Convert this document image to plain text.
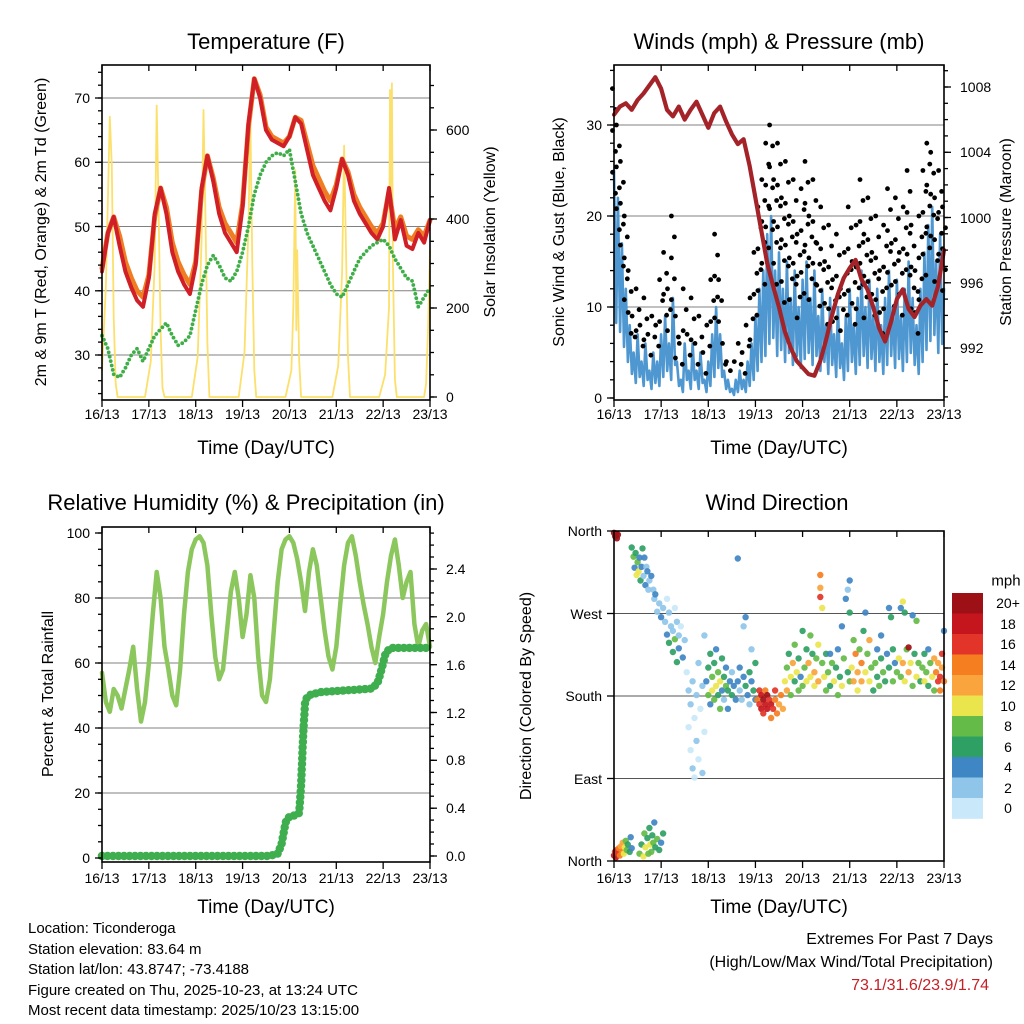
16/13 17/13 18/13 19/13 20/13 21/13 22/13 23/13
30
40
50
60
70
0
200
400
600
16/13 17/13 18/13 19/13 20/13 21/13 22/13 23/13
0
10
20
30
992
996
1000
1004
1008
16/13 17/13 18/13 19/13 20/13 21/13 22/13 23/13
0
20
40
60
80
100
0.0
0.4
0.8
1.2
1.6
2.0
2.4
16/13 17/13 18/13 19/13 20/13 21/13 22/13 23/13
North
West
South
East
North
20+
18
16
14
12
10
8
6
4
2
0
Temperature (F)	Winds (mph) & Pressure (mb)
Relative Humidity (%) & Precipitation (in)	Wind Direction
Time (Day/UTC)	Time (Day/UTC)
Time (Day/UTC)	Time (Day/UTC)
2m & 9m T (Red, Orange) & 2m Td (Green)	Solar Insolation (Yellow)	Sonic Wind & Gust (Blue, Black)	Station Pressure (Maroon)
Percent & Total Rainfall	Direction (Colored By Speed)
mph
Location: Ticonderoga
Station elevation: 83.64 m
Station lat/lon: 43.8747; -73.4188
Figure created on Thu, 2025-10-23, at 13:24 UTC
Most recent data timestamp: 2025/10/23 13:15:00
Extremes For Past 7 Days
(High/Low/Max Wind/Total Precipitation)
73.1/31.6/23.9/1.74
